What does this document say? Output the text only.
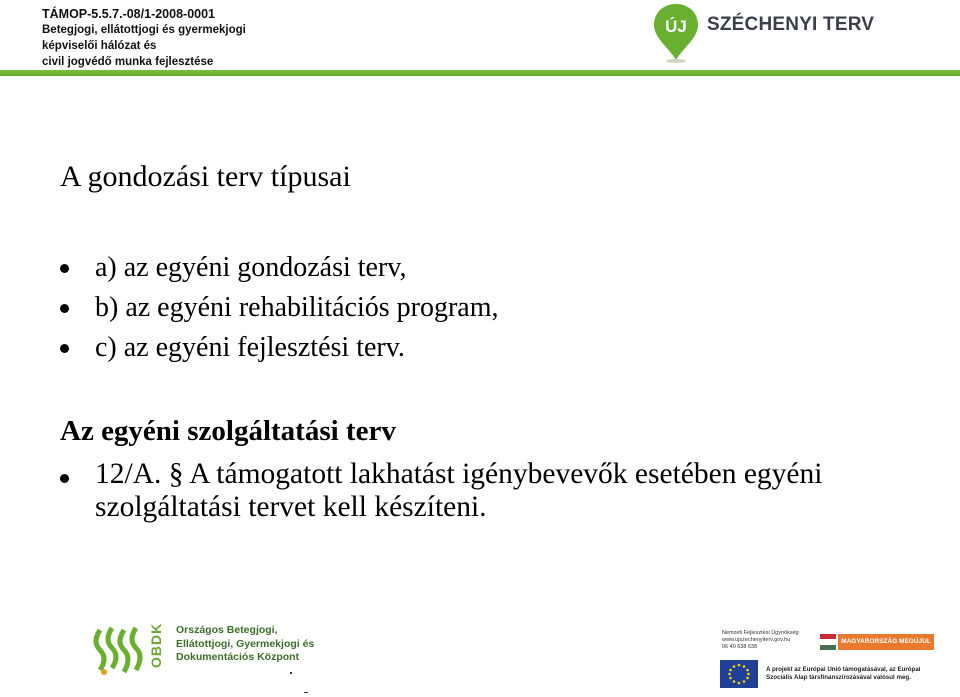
TÁMOP-5.5.7.-08/1-2008-0001
Betegjogi, ellátottjogi és gyermekjogi
képviselői hálózat és
civil jogvédő munka fejlesztése
ÚJ SZÉCHENYI TERV
A gondozási terv típusai
a) az egyéni gondozási terv,
b) az egyéni rehabilitációs program,
c) az egyéni fejlesztési terv.
Az egyéni szolgáltatási terv

12/A. § A támogatott lakhatást igénybevevők esetében egyéni szolgáltatási tervet kell készíteni.

OBDK Országos Betegjogi,
Ellátottjogi, Gyermekjogi és
Dokumentációs Központ
Nemzeti Fejlesztési Ügynökség
www.ujszechenyiterv.gov.hu
06 40 638 638
MAGYARORSZÁG MEGÚJUL
A projekt az Európai Unió támogatásával, az Európai
Szociális Alap társfinanszírozásával valósul meg.
